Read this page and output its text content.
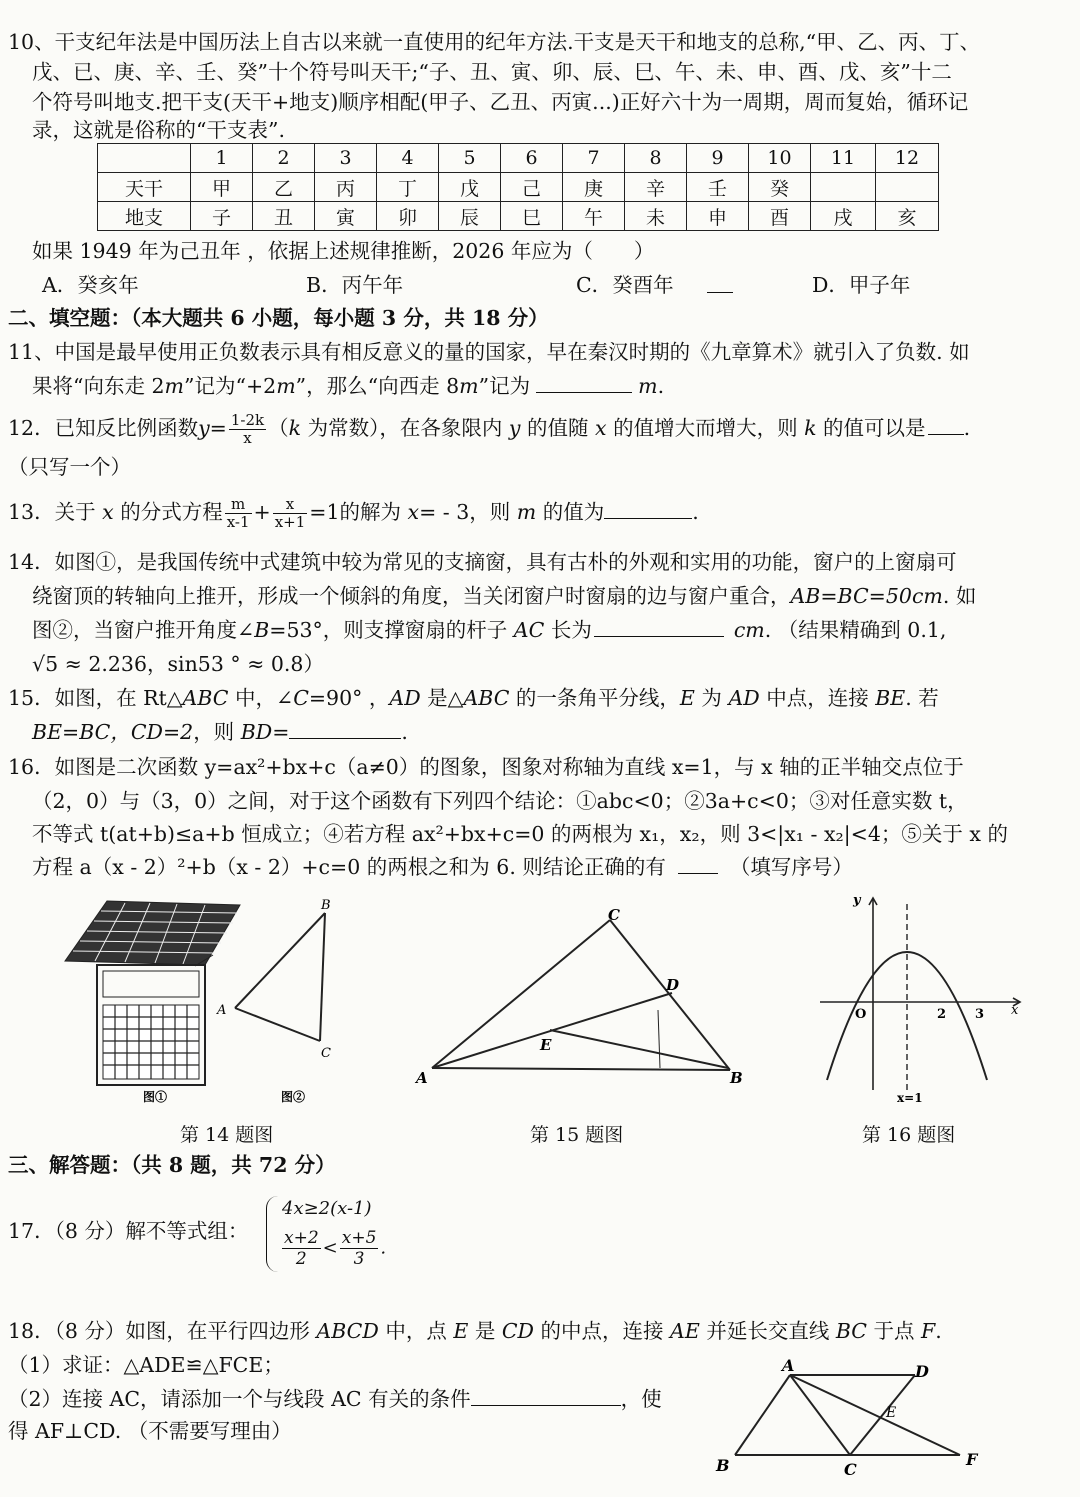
10、干支纪年法是中国历法上自古以来就一直使用的纪年方法.干支是天干和地支的总称,“甲、乙、丙、丁、
戊、已、庚、辛、壬、癸”十个符号叫天干;“子、丑、寅、卯、辰、巳、午、未、申、酉、戊、亥”十二
个符号叫地支.把干支(天干+地支)顺序相配(甲子、乙丑、丙寅...)正好六十为一周期，周而复始，循环记
录，这就是俗称的“干支表”.
	1	2	3	4	5	6	7	8	9	10	11	12
天干	甲	乙	丙	丁	戊	己	庚	辛	壬	癸		
地支	子	丑	寅	卯	辰	巳	午	未	申	酉	戌	亥
如果 1949 年为己丑年 ，依据上述规律推断，2026 年应为（　　）
A．癸亥年	B．丙午年	C．癸酉年	D．甲子年
二、填空题：（本大题共 6 小题，每小题 3 分，共 18 分）
11、中国是最早使用正负数表示具有相反意义的量的国家，早在秦汉时期的《九章算术》就引入了负数. 如
果将“向东走 2m”记为“+2m”，那么“向西走 8m”记为	m.
12．已知反比例函数$y= \frac{1-2k}{x} (k$ 为常数），在各象限内 y 的值随 x 的值增大而增大，则 k 的值可以是 .
（只写一个）
13．关于 x 的分式方程 $\frac{m}{x-1} + \frac{x}{x+1} =1$的解为 x= - 3，则 m 的值为	.
14．如图①，是我国传统中式建筑中较为常见的支摘窗，具有古朴的外观和实用的功能，窗户的上窗扇可
绕窗顶的转轴向上推开，形成一个倾斜的角度，当关闭窗户时窗扇的边与窗户重合，AB=BC=50cm. 如
图②，当窗户推开角度∠B=53°，则支撑窗扇的杆子 AC 长为	cm. （结果精确到 0.1,
√5 ≈ 2.236，sin53 ° ≈ 0.8）
15．如图，在 Rt△ABC 中，∠C=90° ，AD 是△ABC 的一条角平分线，E 为 AD 中点，连接 BE. 若
BE=BC，CD=2，则 BD=	.
16．如图是二次函数 y=ax²+bx+c（a≠0）的图象，图象对称轴为直线 x=1，与 x 轴的正半轴交点位于
（2，0）与（3，0）之间，对于这个函数有下列四个结论：①abc<0；②3a+c<0；③对任意实数 t，
不等式 t(at+b)≤a+b 恒成立；④若方程 ax²+bx+c=0 的两根为 x₁，x₂，则 3<|x₁ - x₂|<4；⑤关于 x 的
方程 a（x - 2）²+b（x - 2）+c=0 的两根之和为 6. 则结论正确的有	（填写序号）
图①
B
A
C
图②
第 14 题图
C
D
E
A	B
第 15 题图
y
x
O	2 3
x=1
第 16 题图
三、解答题：（共 8 题，共 72 分）
17．（8 分）解不等式组：
4x≥2(x-1)
$\frac{x+2}{2} < \frac{x+5}{3}$ .
18．（8 分）如图，在平行四边形 ABCD 中，点 E 是 CD 的中点，连接 AE 并延长交直线 BC 于点 F.
（1）求证：△ADE≌△FCE；
（2）连接 AC，请添加一个与线段 AC 有关的条件	，使
得 AF⊥CD. （不需要写理由）
A	D
E
B	C
F
